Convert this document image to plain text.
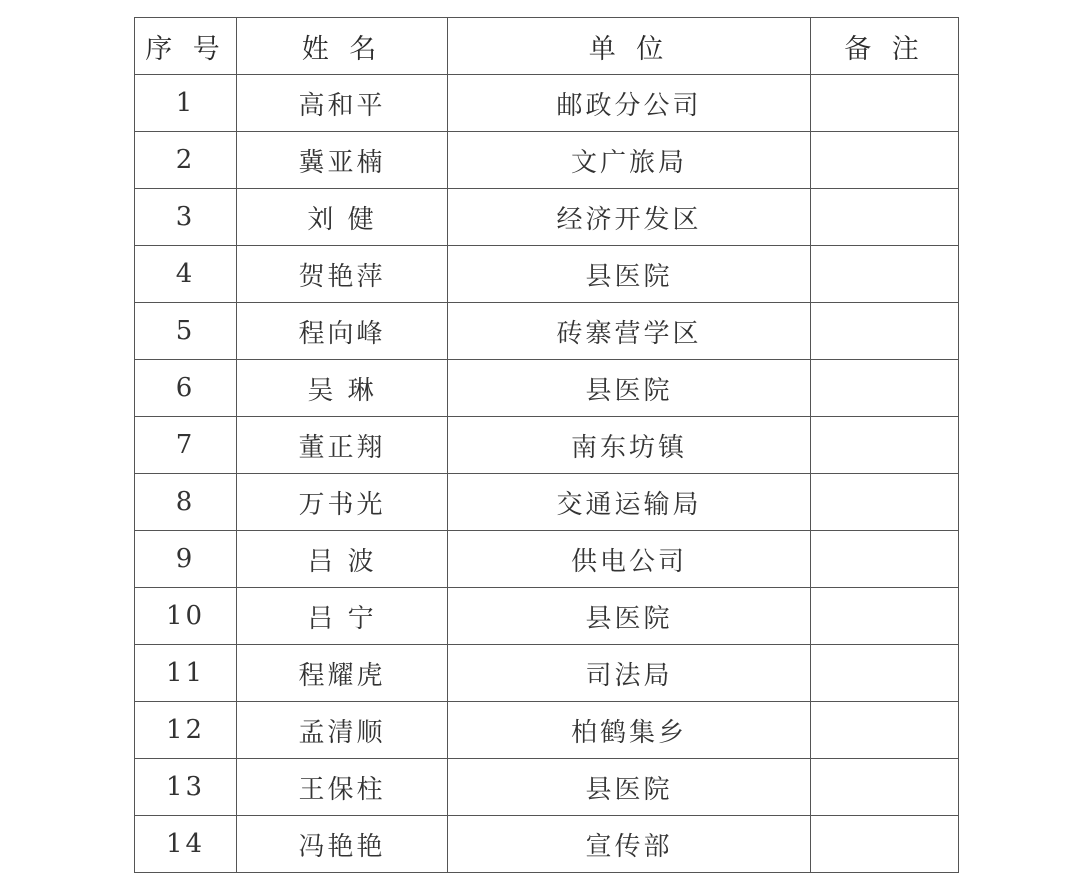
序 号	姓 名	单 位	备 注
1	高和平	邮政分公司	
2	冀亚楠	文广旅局	
3	刘 健	经济开发区	
4	贺艳萍	县医院	
5	程向峰	砖寨营学区	
6	吴 琳	县医院	
7	董正翔	南东坊镇	
8	万书光	交通运输局	
9	吕 波	供电公司	
10	吕 宁	县医院	
11	程耀虎	司法局	
12	孟清顺	柏鹤集乡	
13	王保柱	县医院	
14	冯艳艳	宣传部	
